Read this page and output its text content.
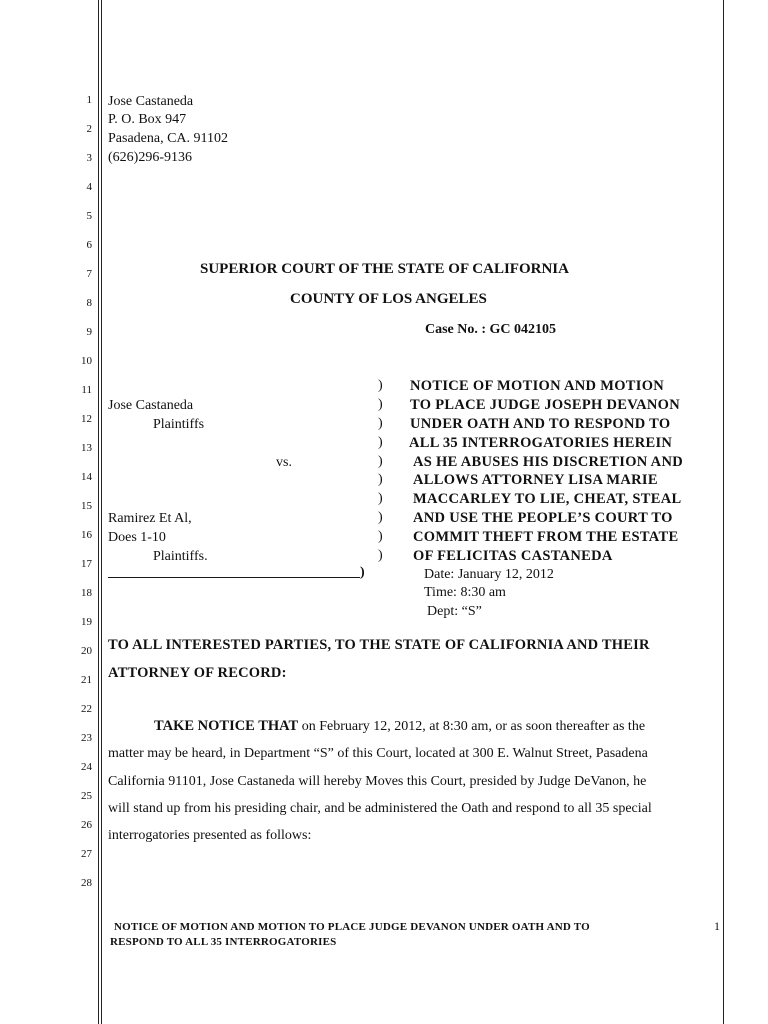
1
2
3
4
5
6
7
8
9
10
11
12
13
14
15
16
17
18
19
20
21
22
23
24
25
26
27
28
Jose Castaneda
P. O. Box 947
Pasadena, CA. 91102
(626)296-9136
SUPERIOR COURT OF THE STATE OF CALIFORNIA
COUNTY OF LOS ANGELES
Case No. : GC 042105
Jose Castaneda
Plaintiffs
vs.
Ramirez Et Al,
Does 1-10
Plaintiffs.
____________________________________)
)
)
)
)
)
)
)
)
)
)
NOTICE OF MOTION AND MOTION
TO PLACE JUDGE JOSEPH DEVANON
UNDER OATH AND TO RESPOND TO
ALL 35 INTERROGATORIES HEREIN
AS HE ABUSES HIS DISCRETION AND
ALLOWS ATTORNEY LISA MARIE
MACCARLEY TO LIE, CHEAT, STEAL
AND USE THE PEOPLE’S COURT TO
COMMIT THEFT FROM THE ESTATE
OF FELICITAS CASTANEDA
Date: January 12, 2012
Time: 8:30 am
Dept: “S”
TO ALL INTERESTED PARTIES, TO THE STATE OF CALIFORNIA AND THEIR
ATTORNEY OF RECORD:
TAKE NOTICE THAT on February 12, 2012, at 8:30 am, or as soon thereafter as the
matter may be heard, in Department “S” of this Court, located at 300 E. Walnut Street, Pasadena
California 91101, Jose Castaneda will hereby Moves this Court, presided by Judge DeVanon, he
will stand up from his presiding chair, and be administered the Oath and respond to all 35 special
interrogatories presented as follows:
NOTICE OF MOTION AND MOTION TO PLACE JUDGE DEVANON UNDER OATH AND TO
RESPOND TO ALL 35 INTERROGATORIES
1
